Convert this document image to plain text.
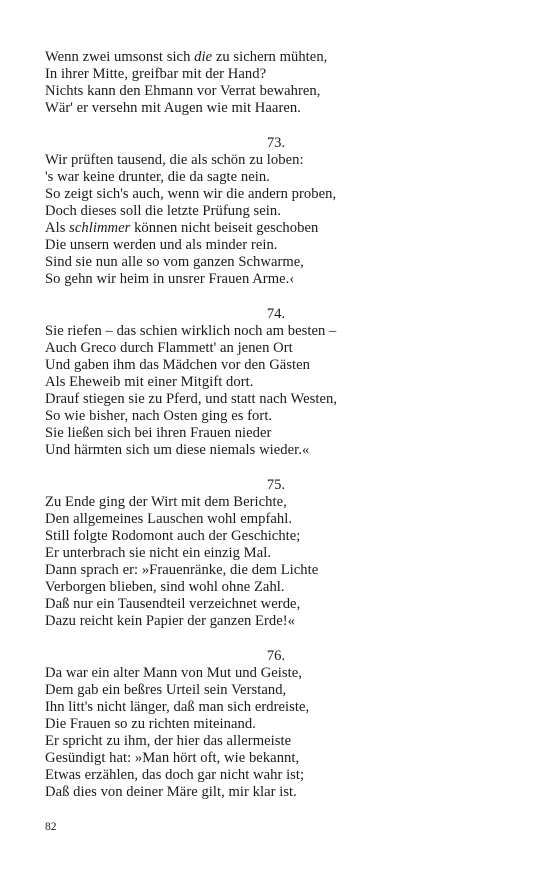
Wenn zwei umsonst sich die zu sichern mühten,
In ihrer Mitte, greifbar mit der Hand?
Nichts kann den Ehmann vor Verrat bewahren,
Wär' er versehn mit Augen wie mit Haaren.
73.
Wir prüften tausend, die als schön zu loben:
's war keine drunter, die da sagte nein.
So zeigt sich's auch, wenn wir die andern proben,
Doch dieses soll die letzte Prüfung sein.
Als schlimmer können nicht beiseit geschoben
Die unsern werden und als minder rein.
Sind sie nun alle so vom ganzen Schwarme,
So gehn wir heim in unsrer Frauen Arme.‹
74.
Sie riefen – das schien wirklich noch am besten –
Auch Greco durch Flammett' an jenen Ort
Und gaben ihm das Mädchen vor den Gästen
Als Eheweib mit einer Mitgift dort.
Drauf stiegen sie zu Pferd, und statt nach Westen,
So wie bisher, nach Osten ging es fort.
Sie ließen sich bei ihren Frauen nieder
Und härmten sich um diese niemals wieder.«
75.
Zu Ende ging der Wirt mit dem Berichte,
Den allgemeines Lauschen wohl empfahl.
Still folgte Rodomont auch der Geschichte;
Er unterbrach sie nicht ein einzig Mal.
Dann sprach er: »Frauenränke, die dem Lichte
Verborgen blieben, sind wohl ohne Zahl.
Daß nur ein Tausendteil verzeichnet werde,
Dazu reicht kein Papier der ganzen Erde!«
76.
Da war ein alter Mann von Mut und Geiste,
Dem gab ein beßres Urteil sein Verstand,
Ihn litt's nicht länger, daß man sich erdreiste,
Die Frauen so zu richten miteinand.
Er spricht zu ihm, der hier das allermeiste
Gesündigt hat: »Man hört oft, wie bekannt,
Etwas erzählen, das doch gar nicht wahr ist;
Daß dies von deiner Märe gilt, mir klar ist.
82
